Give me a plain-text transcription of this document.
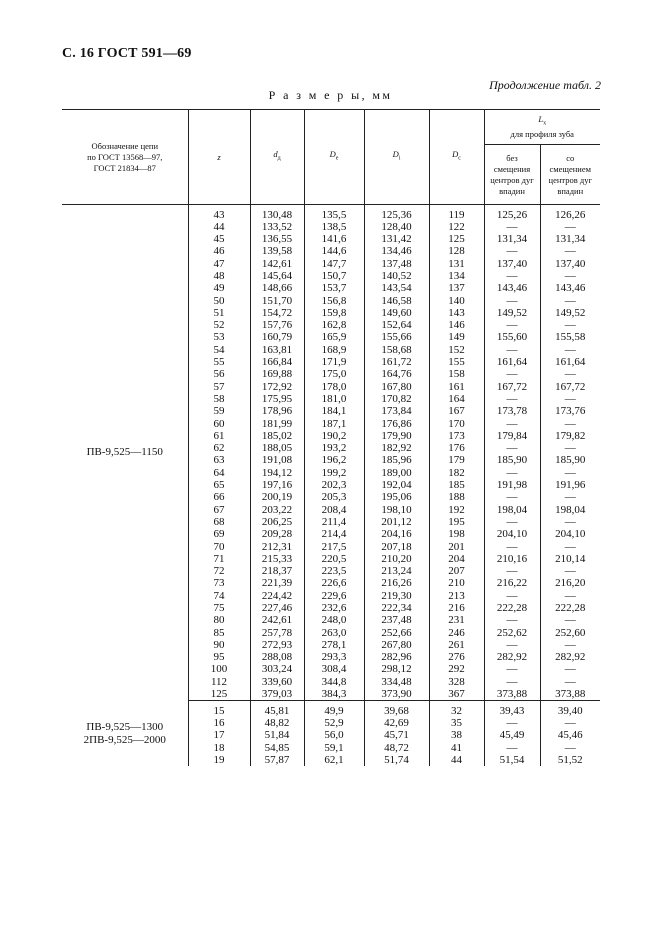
С. 16 ГОСТ 591—69
Р а з м е р ы, мм
Продолжение табл. 2
Обозначение цепи
по ГОСТ 13568—97,
ГОСТ 21834—87	z	$d_д$	$D_е$	$D_i$	$D_c$	$L_x$
для профиля зуба	
						без
смещения
центров дуг
впадин	со
смещением
центров дуг
впадин
ПВ-9,525—1150							
	43	130,48	135,5	125,36	119	125,26	126,26
	44	133,52	138,5	128,40	122	—	—
	45	136,55	141,6	131,42	125	131,34	131,34
	46	139,58	144,6	134,46	128	—	—
	47	142,61	147,7	137,48	131	137,40	137,40
	48	145,64	150,7	140,52	134	—	—
	49	148,66	153,7	143,54	137	143,46	143,46
	50	151,70	156,8	146,58	140	—	—
	51	154,72	159,8	149,60	143	149,52	149,52
	52	157,76	162,8	152,64	146	—	—
	53	160,79	165,9	155,66	149	155,60	155,58
	54	163,81	168,9	158,68	152	—	—
	55	166,84	171,9	161,72	155	161,64	161,64
	56	169,88	175,0	164,76	158	—	—
	57	172,92	178,0	167,80	161	167,72	167,72
	58	175,95	181,0	170,82	164	—	—
	59	178,96	184,1	173,84	167	173,78	173,76
	60	181,99	187,1	176,86	170	—	—
	61	185,02	190,2	179,90	173	179,84	179,82
	62	188,05	193,2	182,92	176	—	—
	63	191,08	196,2	185,96	179	185,90	185,90
	64	194,12	199,2	189,00	182	—	—
	65	197,16	202,3	192,04	185	191,98	191,96
	66	200,19	205,3	195,06	188	—	—
	67	203,22	208,4	198,10	192	198,04	198,04
	68	206,25	211,4	201,12	195	—	—
	69	209,28	214,4	204,16	198	204,10	204,10
	70	212,31	217,5	207,18	201	—	—
	71	215,33	220,5	210,20	204	210,16	210,14
	72	218,37	223,5	213,24	207	—	—
	73	221,39	226,6	216,26	210	216,22	216,20
	74	224,42	229,6	219,30	213	—	—
	75	227,46	232,6	222,34	216	222,28	222,28
	80	242,61	248,0	237,48	231	—	—
	85	257,78	263,0	252,66	246	252,62	252,60
	90	272,93	278,1	267,80	261	—	—
	95	288,08	293,3	282,96	276	282,92	282,92
	100	303,24	308,4	298,12	292	—	—
	112	339,60	344,8	334,48	328	—	—
	125	379,03	384,3	373,90	367	373,88	373,88
ПВ-9,525—1300
2ПВ-9,525—2000							
	15	45,81	49,9	39,68	32	39,43	39,40
	16	48,82	52,9	42,69	35	—	—
	17	51,84	56,0	45,71	38	45,49	45,46
	18	54,85	59,1	48,72	41	—	—
	19	57,87	62,1	51,74	44	51,54	51,52
